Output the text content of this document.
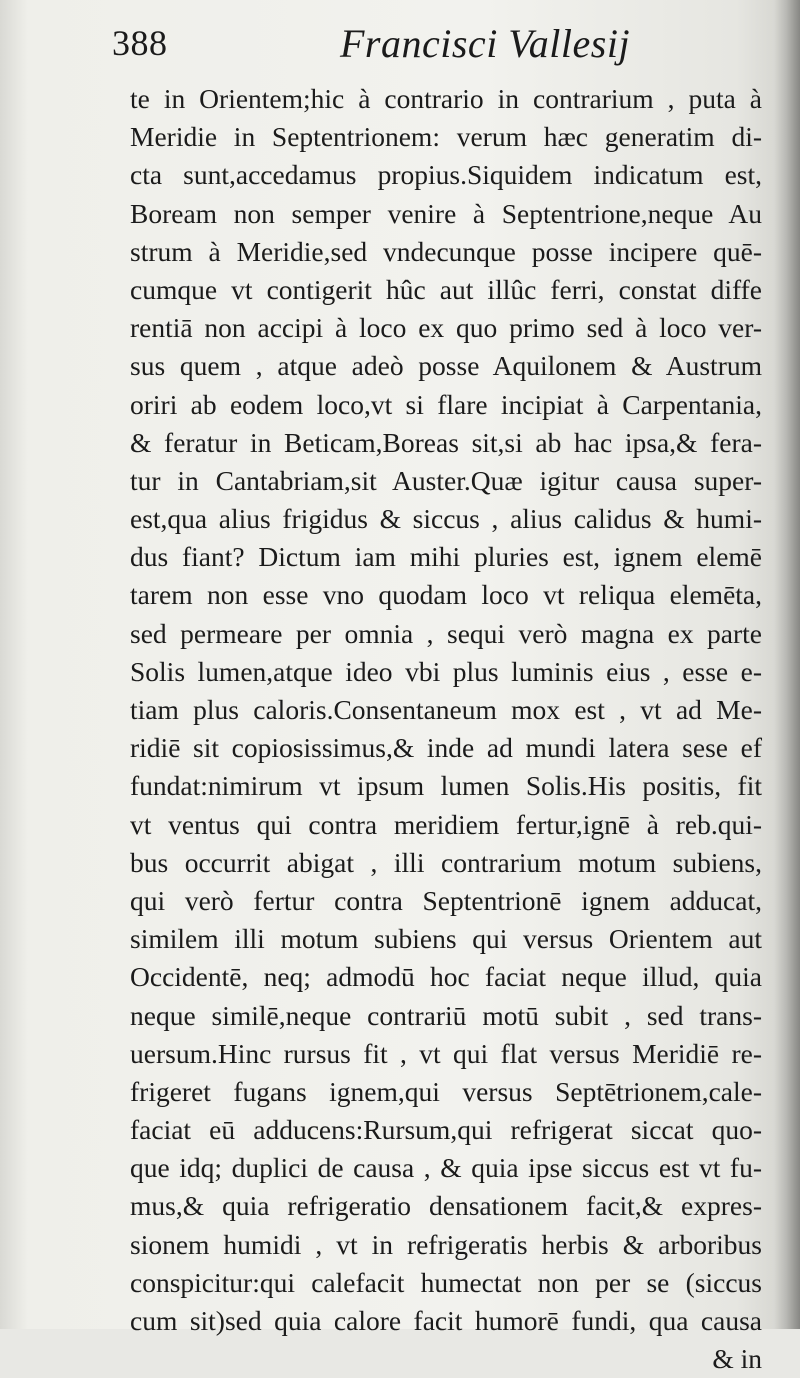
388	Francisci Vallesij
te in Orientem;hic à contrario in contrarium , puta à
Meridie in Septentrionem: verum hæc generatim di-
cta sunt,accedamus propius.Siquidem indicatum est,
Boream non semper venire à Septentrione,neque Au
strum à Meridie,sed vndecunque posse incipere quē-
cumque vt contigerit hûc aut illûc ferri, constat diffe
rentiā non accipi à loco ex quo primo sed à loco ver-
sus quem , atque adeò posse Aquilonem & Austrum
oriri ab eodem loco,vt si flare incipiat à Carpentania,
& feratur in Beticam,Boreas sit,si ab hac ipsa,& fera-
tur in Cantabriam,sit Auster.Quæ igitur causa super-
est,qua alius frigidus & siccus , alius calidus & humi-
dus fiant? Dictum iam mihi pluries est, ignem elemē
tarem non esse vno quodam loco vt reliqua elemēta,
sed permeare per omnia , sequi verò magna ex parte
Solis lumen,atque ideo vbi plus luminis eius , esse e-
tiam plus caloris.Consentaneum mox est , vt ad Me-
ridiē sit copiosissimus,& inde ad mundi latera sese ef
fundat:nimirum vt ipsum lumen Solis.His positis, fit
vt ventus qui contra meridiem fertur,ignē à reb.qui-
bus occurrit abigat , illi contrarium motum subiens,
qui verò fertur contra Septentrionē ignem adducat,
similem illi motum subiens qui versus Orientem aut
Occidentē, neq; admodū hoc faciat neque illud, quia
neque similē,neque contrariū motū subit , sed trans-
uersum.Hinc rursus fit , vt qui flat versus Meridiē re-
frigeret fugans ignem,qui versus Septētrionem,cale-
faciat eū adducens:Rursum,qui refrigerat siccat quo-
que idq; duplici de causa , & quia ipse siccus est vt fu-
mus,& quia refrigeratio densationem facit,& expres-
sionem humidi , vt in refrigeratis herbis & arboribus
conspicitur:qui calefacit humectat non per se (siccus
cum sit)sed quia calore facit humorē fundi, qua causa
& in
